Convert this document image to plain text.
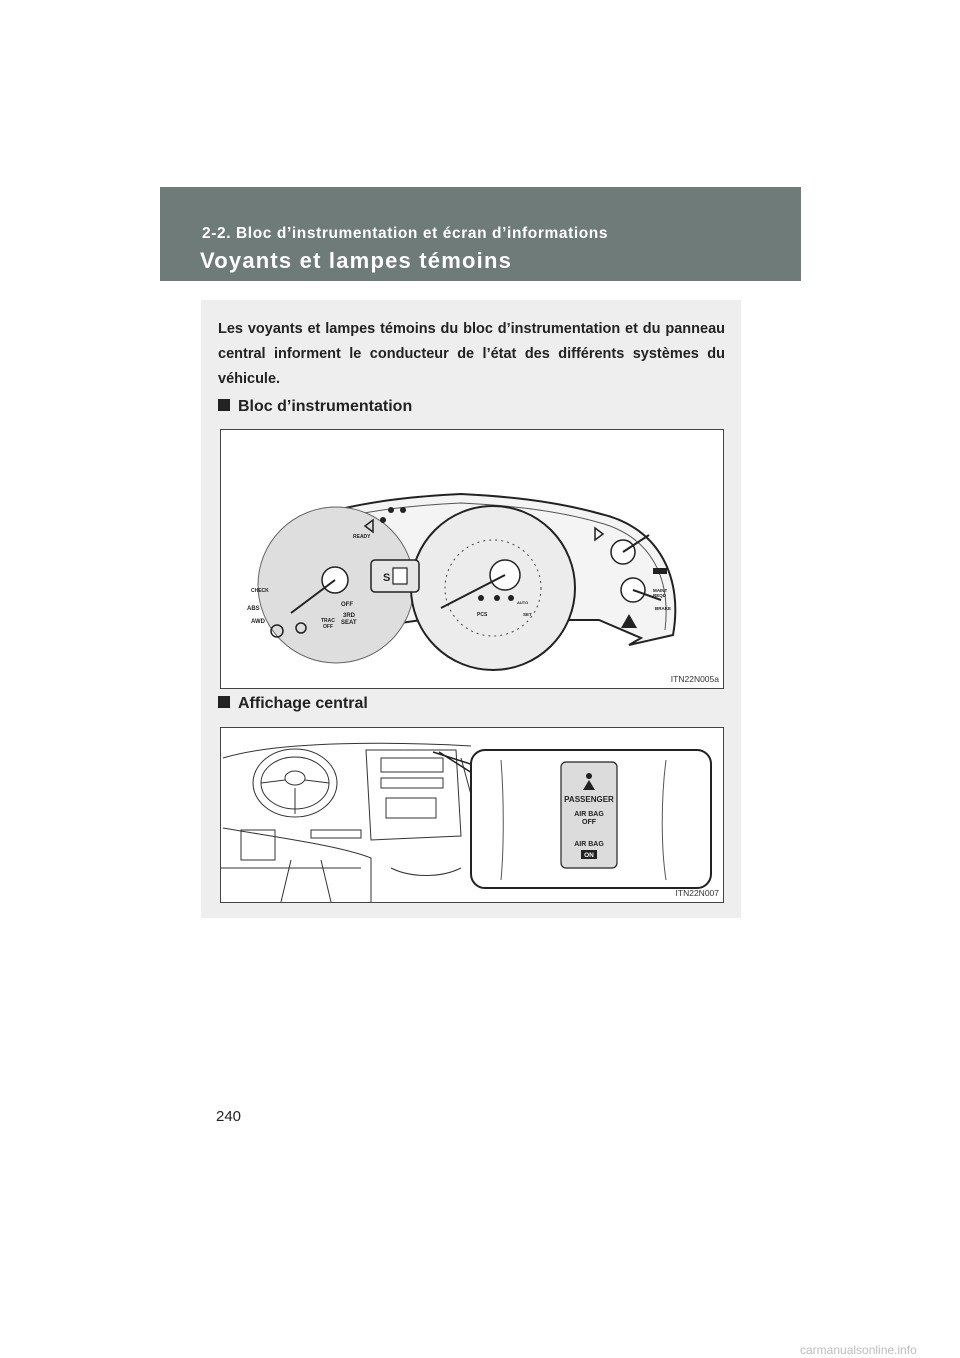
2-2. Bloc d’instrumentation et écran d’informations
Voyants et lampes témoins
Les voyants et lampes témoins du bloc d’instrumentation et du panneau central informent le conducteur de l’état des différents systèmes du véhicule.
Bloc d’instrumentation
S
READY
CHECK
ABS
AWD	TRAC
OFF
OFF
3RD
SEAT
PCS	SET
AUTO
MAINT
REQD
BRAKE
ITN22N005a
Affichage central
PASSENGER
AIR BAG
OFF
AIR BAG
ON
ITN22N007
240
carmanualsonline.info
